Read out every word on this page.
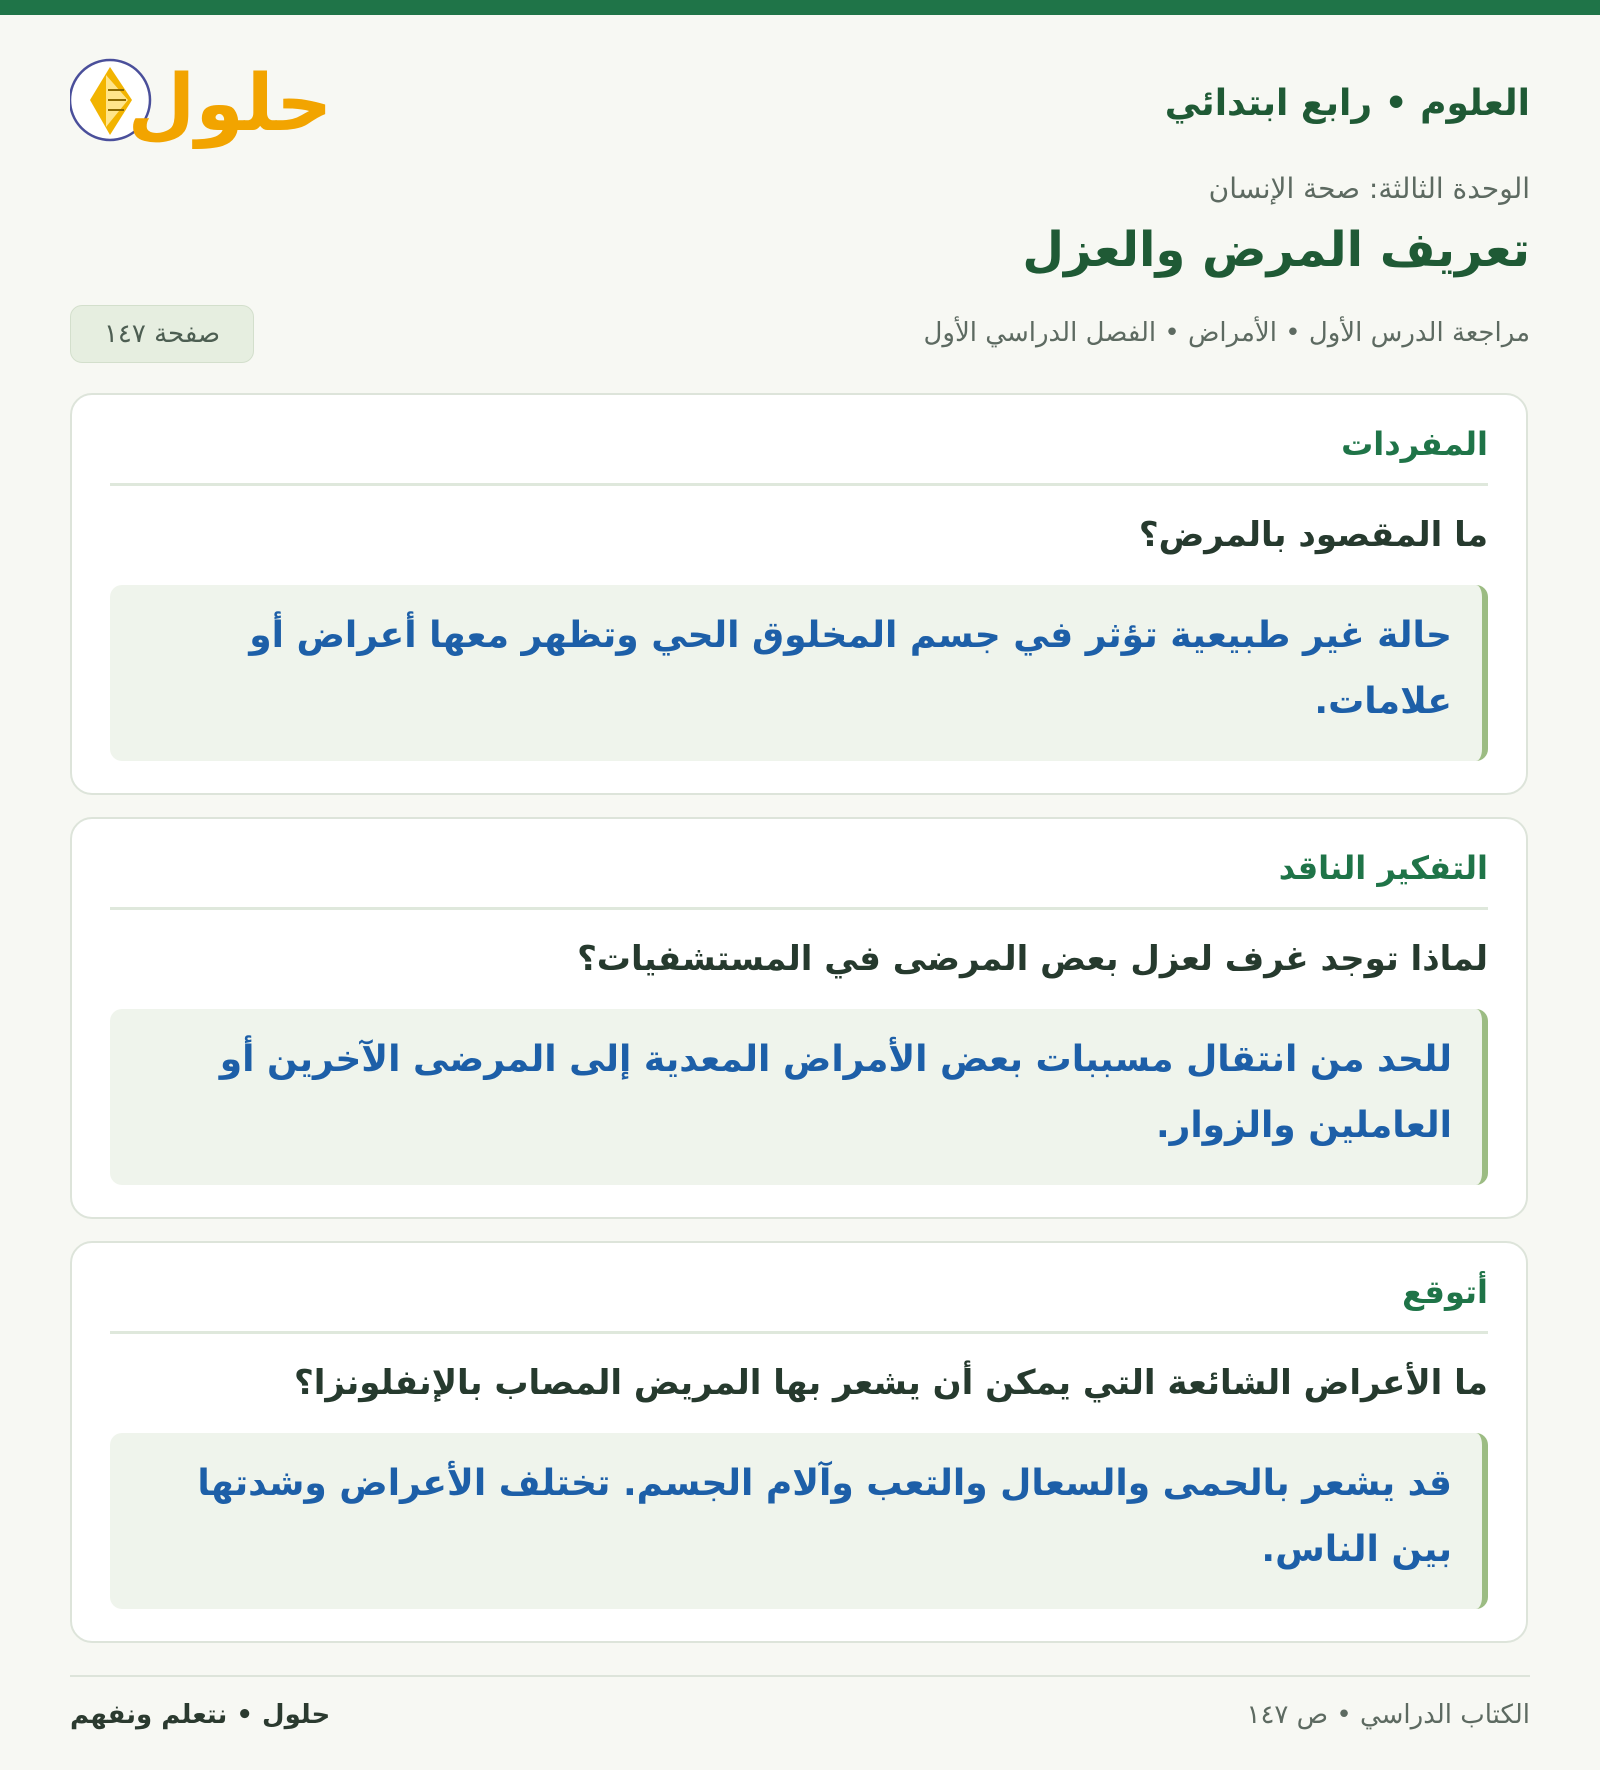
العلوم • رابع ابتدائي
حلول
الوحدة الثالثة: صحة الإنسان
تعريف المرض والعزل
مراجعة الدرس الأول • الأمراض • الفصل الدراسي الأول
صفحة ١٤٧
المفردات
ما المقصود بالمرض؟
حالة غير طبيعية تؤثر في جسم المخلوق الحي وتظهر معها أعراض أو علامات.
التفكير الناقد
لماذا توجد غرف لعزل بعض المرضى في المستشفيات؟
للحد من انتقال مسببات بعض الأمراض المعدية إلى المرضى الآخرين أو العاملين والزوار.
أتوقع
ما الأعراض الشائعة التي يمكن أن يشعر بها المريض المصاب بالإنفلونزا؟
قد يشعر بالحمى والسعال والتعب وآلام الجسم. تختلف الأعراض وشدتها بين الناس.
الكتاب الدراسي • ص ١٤٧
حلول • نتعلم ونفهم
